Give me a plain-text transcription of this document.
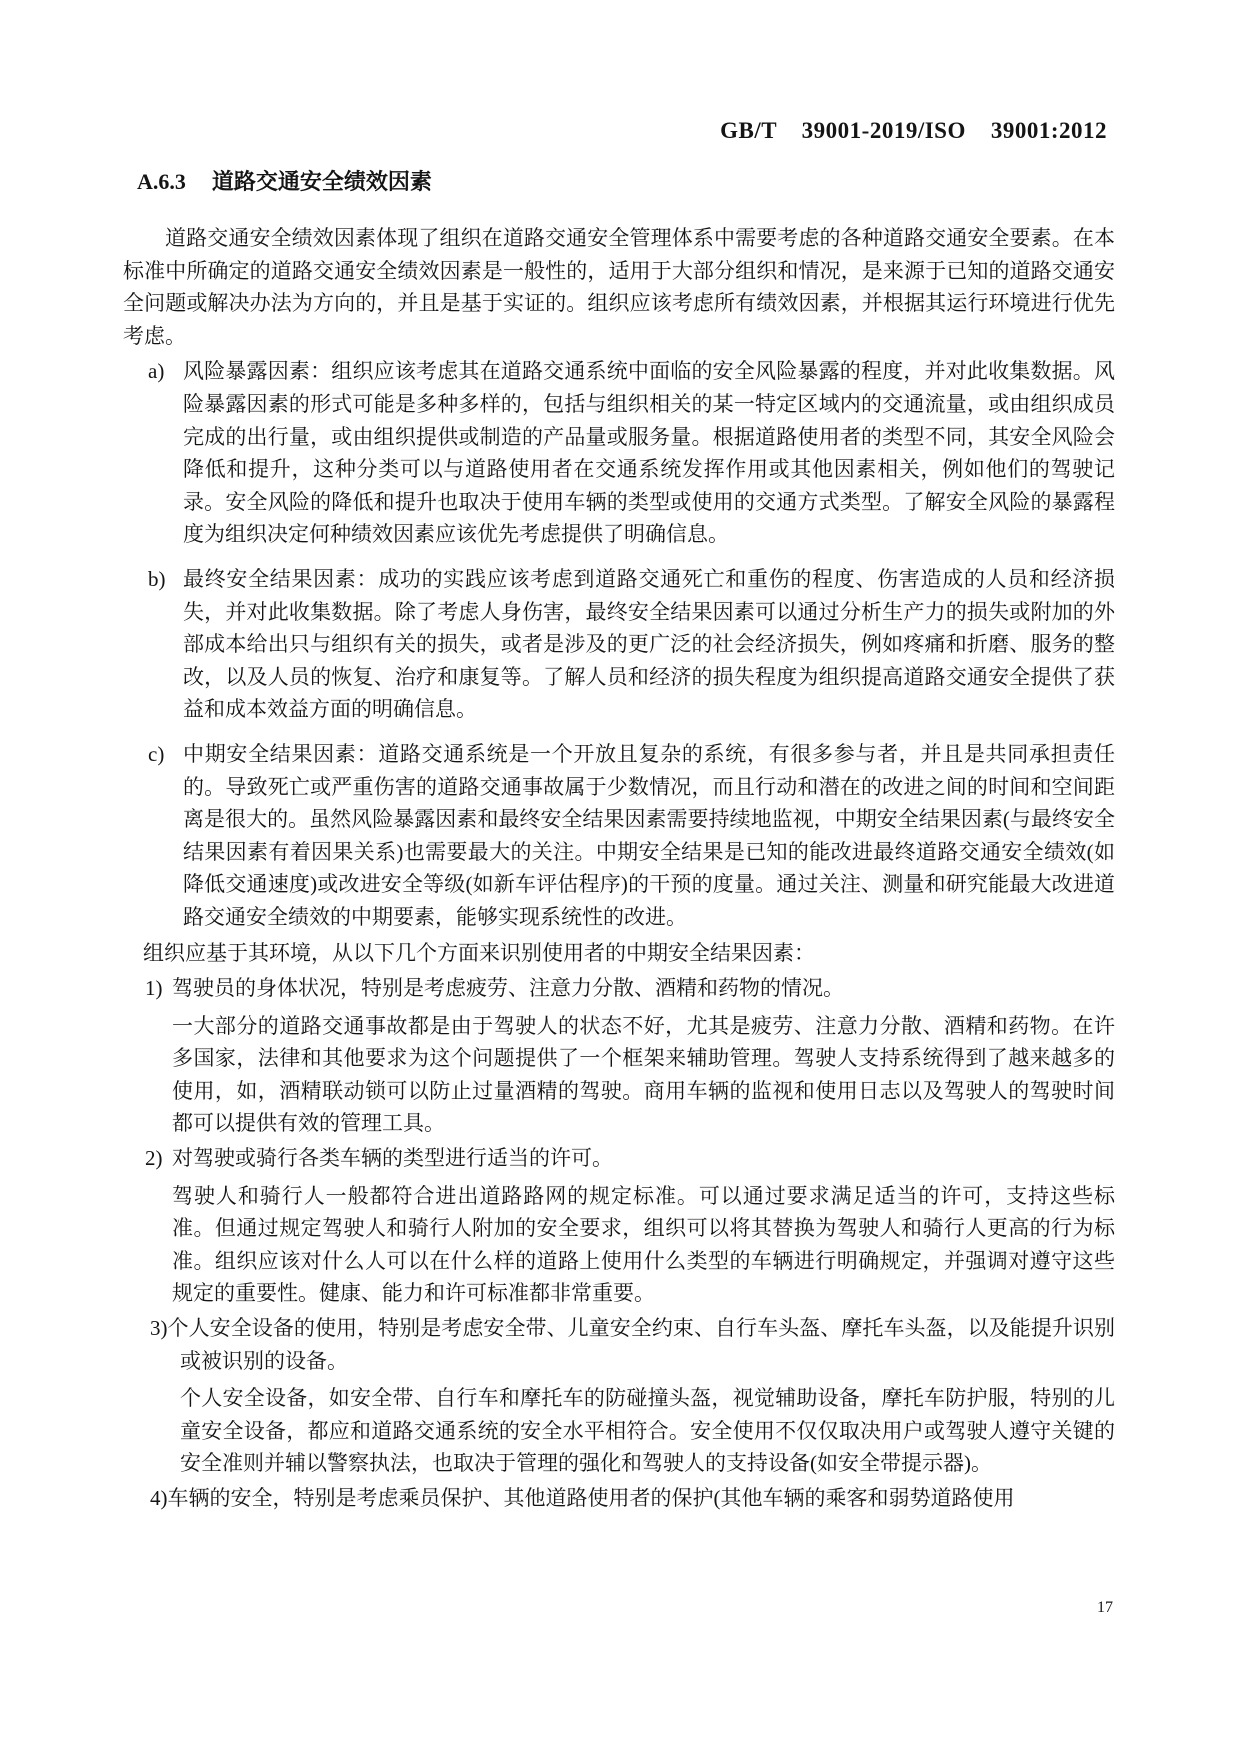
GB/T    39001-2019/ISO    39001:2012
A.6.3 道路交通安全绩效因素

道路交通安全绩效因素体现了组织在道路交通安全管理体系中需要考虑的各种道路交通安全要素。在本标准中所确定的道路交通安全绩效因素是一般性的，适用于大部分组织和情况，是来源于已知的道路交通安全问题或解决办法为方向的，并且是基于实证的。组织应该考虑所有绩效因素，并根据其运行环境进行优先考虑。

a) 风险暴露因素：组织应该考虑其在道路交通系统中面临的安全风险暴露的程度，并对此收集数据。风险暴露因素的形式可能是多种多样的，包括与组织相关的某一特定区域内的交通流量，或由组织成员完成的出行量，或由组织提供或制造的产品量或服务量。根据道路使用者的类型不同，其安全风险会降低和提升，这种分类可以与道路使用者在交通系统发挥作用或其他因素相关，例如他们的驾驶记录。安全风险的降低和提升也取决于使用车辆的类型或使用的交通方式类型。了解安全风险的暴露程度为组织决定何种绩效因素应该优先考虑提供了明确信息。

b) 最终安全结果因素：成功的实践应该考虑到道路交通死亡和重伤的程度、伤害造成的人员和经济损失，并对此收集数据。除了考虑人身伤害，最终安全结果因素可以通过分析生产力的损失或附加的外部成本给出只与组织有关的损失，或者是涉及的更广泛的社会经济损失，例如疼痛和折磨、服务的整改，以及人员的恢复、治疗和康复等。了解人员和经济的损失程度为组织提高道路交通安全提供了获益和成本效益方面的明确信息。

c) 中期安全结果因素：道路交通系统是一个开放且复杂的系统，有很多参与者，并且是共同承担责任的。导致死亡或严重伤害的道路交通事故属于少数情况，而且行动和潜在的改进之间的时间和空间距离是很大的。虽然风险暴露因素和最终安全结果因素需要持续地监视，中期安全结果因素(与最终安全结果因素有着因果关系)也需要最大的关注。中期安全结果是已知的能改进最终道路交通安全绩效(如降低交通速度)或改进安全等级(如新车评估程序)的干预的度量。通过关注、测量和研究能最大改进道路交通安全绩效的中期要素，能够实现系统性的改进。

组织应基于其环境，从以下几个方面来识别使用者的中期安全结果因素：

1) 驾驶员的身体状况，特别是考虑疲劳、注意力分散、酒精和药物的情况。

一大部分的道路交通事故都是由于驾驶人的状态不好，尤其是疲劳、注意力分散、酒精和药物。在许多国家，法律和其他要求为这个问题提供了一个框架来辅助管理。驾驶人支持系统得到了越来越多的使用，如，酒精联动锁可以防止过量酒精的驾驶。商用车辆的监视和使用日志以及驾驶人的驾驶时间都可以提供有效的管理工具。

2) 对驾驶或骑行各类车辆的类型进行适当的许可。

驾驶人和骑行人一般都符合进出道路路网的规定标准。可以通过要求满足适当的许可，支持这些标准。但通过规定驾驶人和骑行人附加的安全要求，组织可以将其替换为驾驶人和骑行人更高的行为标准。组织应该对什么人可以在什么样的道路上使用什么类型的车辆进行明确规定，并强调对遵守这些规定的重要性。健康、能力和许可标准都非常重要。

3)个人安全设备的使用，特别是考虑安全带、儿童安全约束、自行车头盔、摩托车头盔，以及能提升识别或被识别的设备。

个人安全设备，如安全带、自行车和摩托车的防碰撞头盔，视觉辅助设备，摩托车防护服，特别的儿童安全设备，都应和道路交通系统的安全水平相符合。安全使用不仅仅取决用户或驾驶人遵守关键的安全准则并辅以警察执法，也取决于管理的强化和驾驶人的支持设备(如安全带提示器)。

4)车辆的安全，特别是考虑乘员保护、其他道路使用者的保护(其他车辆的乘客和弱势道路使用

17
